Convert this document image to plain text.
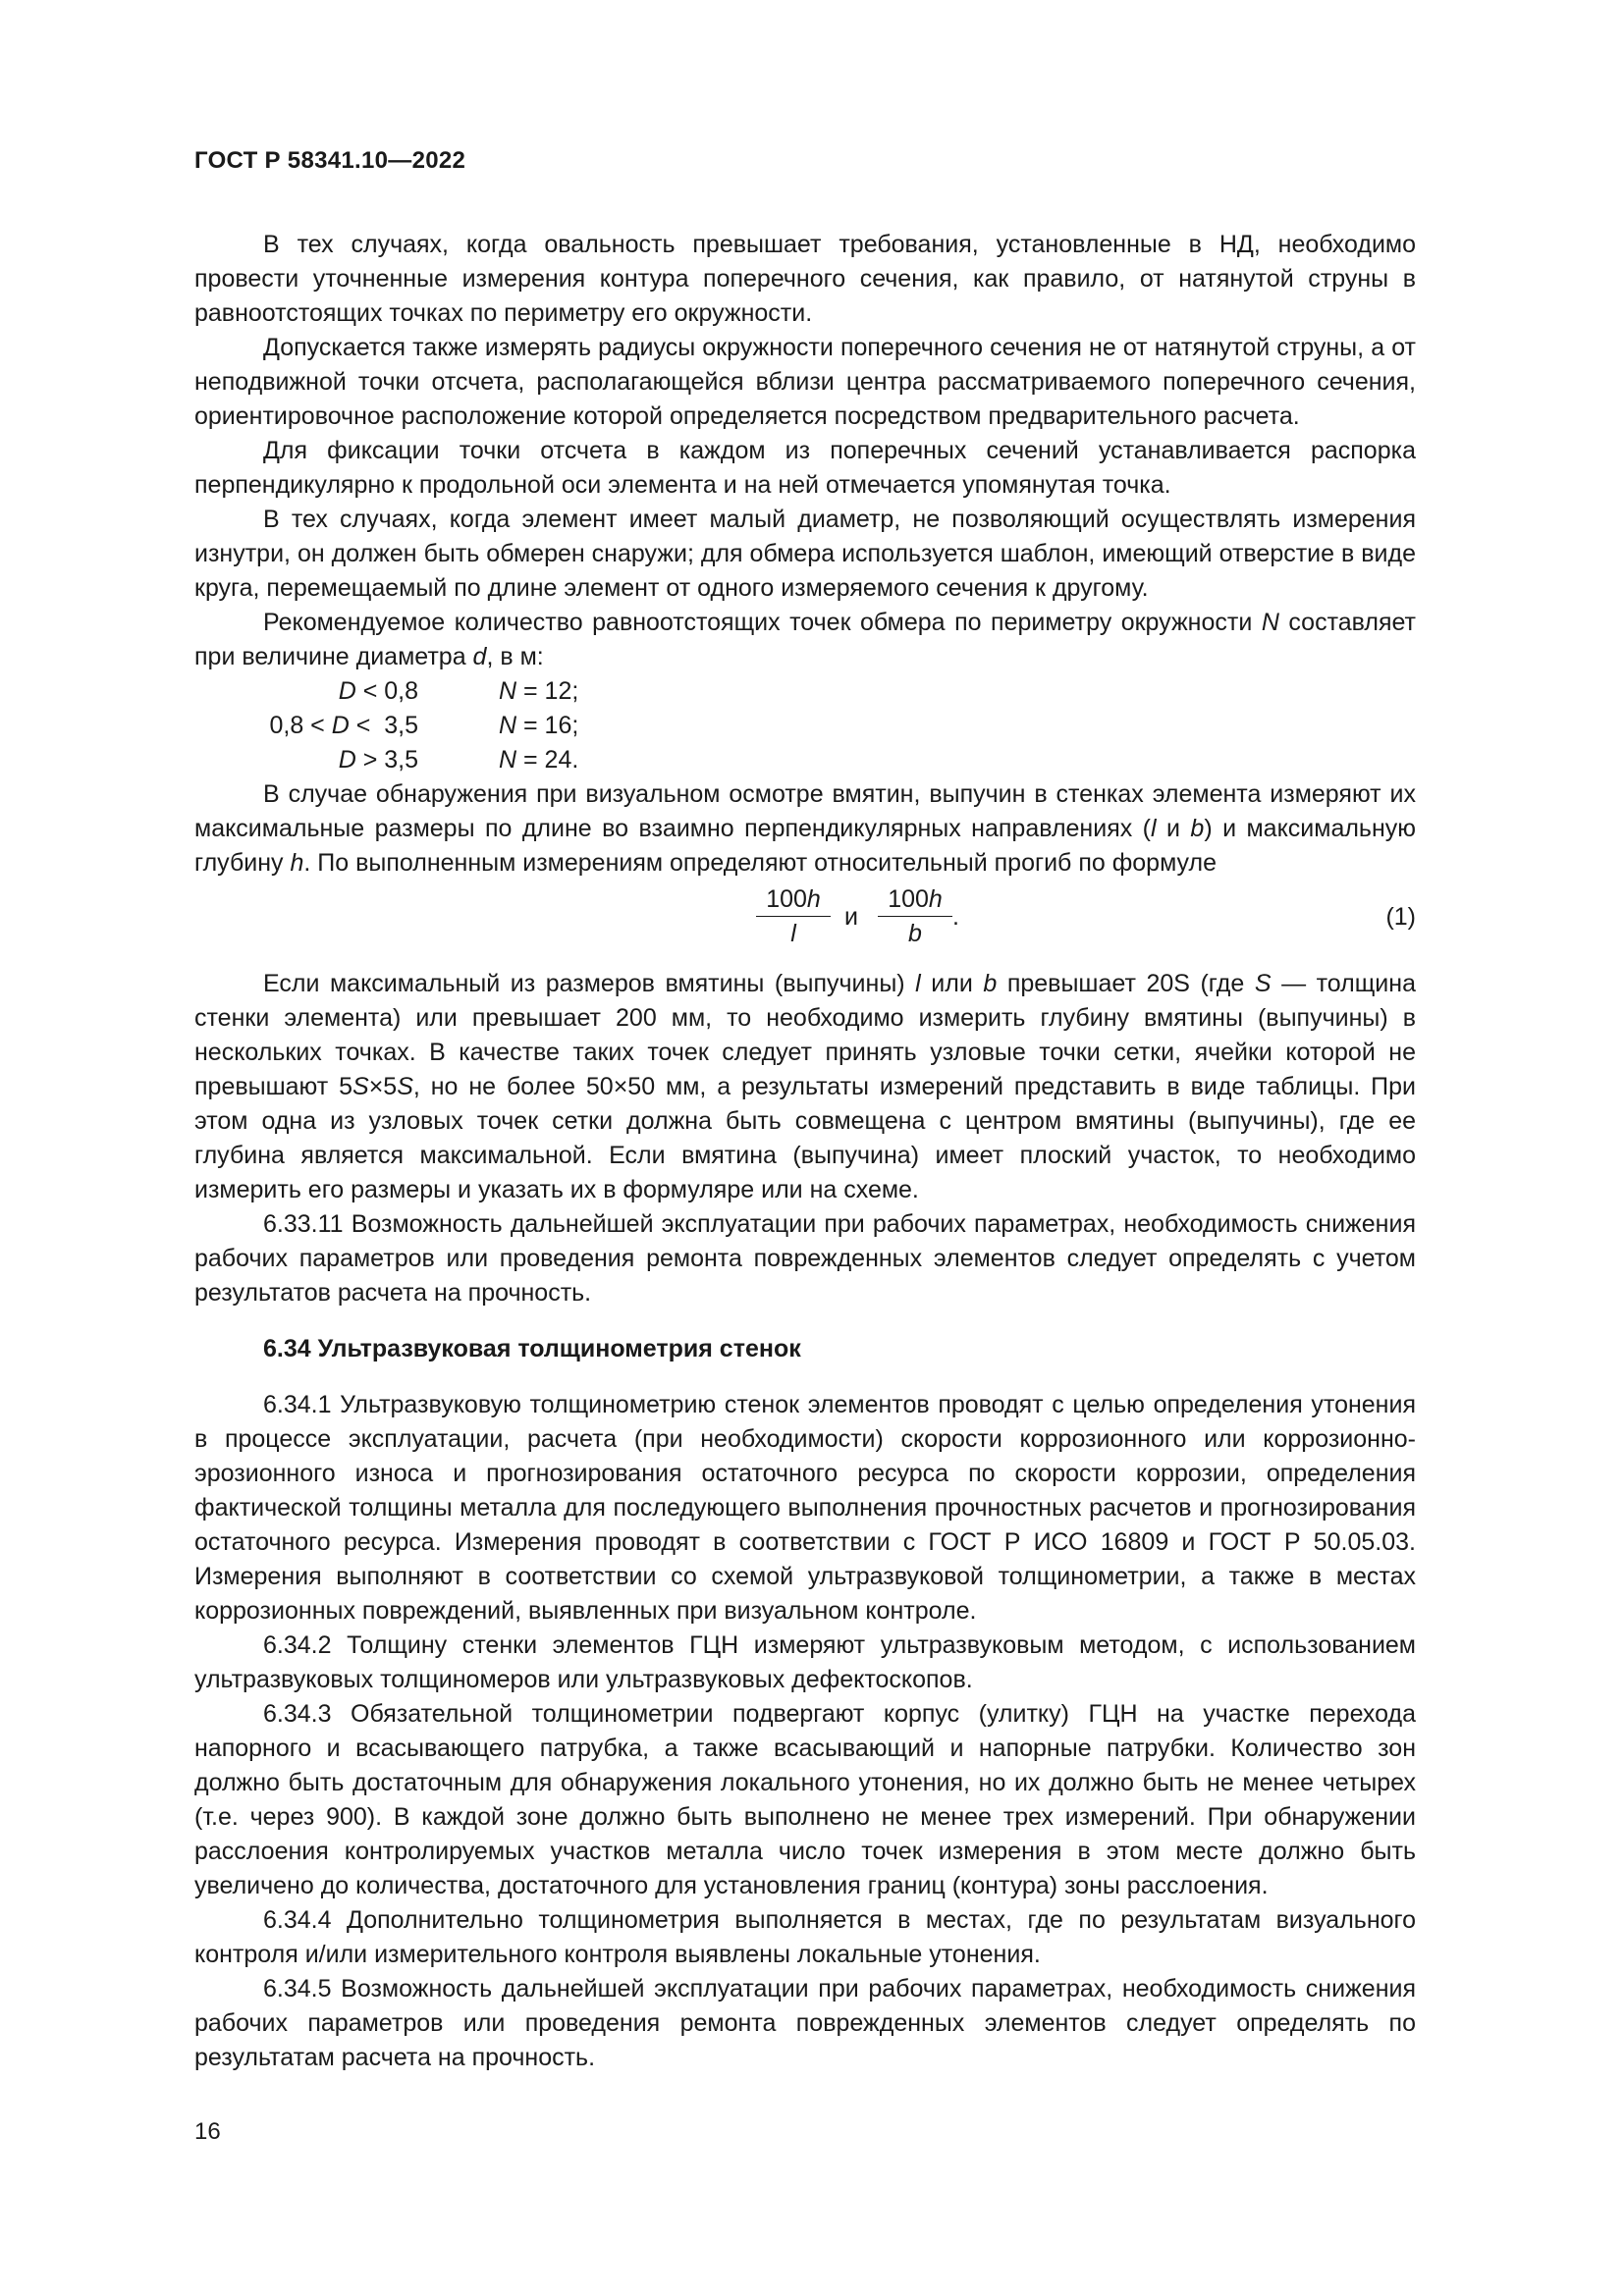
ГОСТ Р 58341.10—2022

В тех случаях, когда овальность превышает требования, установленные в НД, необходимо провести уточненные измерения контура поперечного сечения, как правило, от натянутой струны в равноотстоящих точках по периметру его окружности.

Допускается также измерять радиусы окружности поперечного сечения не от натянутой струны, а от неподвижной точки отсчета, располагающейся вблизи центра рассматриваемого поперечного сечения, ориентировочное расположение которой определяется посредством предварительного расчета.

Для фиксации точки отсчета в каждом из поперечных сечений устанавливается распорка перпендикулярно к продольной оси элемента и на ней отмечается упомянутая точка.

В тех случаях, когда элемент имеет малый диаметр, не позволяющий осуществлять измерения изнутри, он должен быть обмерен снаружи; для обмера используется шаблон, имеющий отверстие в виде круга, перемещаемый по длине элемент от одного измеряемого сечения к другому.

Рекомендуемое количество равноотстоящих точек обмера по периметру окружности N составляет при величине диаметра d, в м:

D < 0,8	N = 12;
0,8 < D <  3,5	N = 16;
D > 3,5	N = 24.

В случае обнаружения при визуальном осмотре вмятин, выпучин в стенках элемента измеряют их максимальные размеры по длине во взаимно перпендикулярных направлениях (l и b) и максимальную глубину h. По выполненным измерениям определяют относительный прогиб по формуле

$\frac{100h}{l}$ и $\frac{100h}{b}$ .	(1)

Если максимальный из размеров вмятины (выпучины) l или b превышает 20S (где S — толщина стенки элемента) или превышает 200 мм, то необходимо измерить глубину вмятины (выпучины) в нескольких точках. В качестве таких точек следует принять узловые точки сетки, ячейки которой не превышают 5S×5S, но не более 50×50 мм, а результаты измерений представить в виде таблицы. При этом одна из узловых точек сетки должна быть совмещена с центром вмятины (выпучины), где ее глубина является максимальной. Если вмятина (выпучина) имеет плоский участок, то необходимо измерить его размеры и указать их в формуляре или на схеме.

6.33.11 Возможность дальнейшей эксплуатации при рабочих параметрах, необходимость снижения рабочих параметров или проведения ремонта поврежденных элементов следует определять с учетом результатов расчета на прочность.

6.34 Ультразвуковая толщинометрия стенок

6.34.1 Ультразвуковую толщинометрию стенок элементов проводят с целью определения утонения в процессе эксплуатации, расчета (при необходимости) скорости коррозионного или коррозионно-эрозионного износа и прогнозирования остаточного ресурса по скорости коррозии, определения фактической толщины металла для последующего выполнения прочностных расчетов и прогнозирования остаточного ресурса. Измерения проводят в соответствии с ГОСТ Р ИСО 16809 и ГОСТ Р 50.05.03. Измерения выполняют в соответствии со схемой ультразвуковой толщинометрии, а также в местах коррозионных повреждений, выявленных при визуальном контроле.

6.34.2 Толщину стенки элементов ГЦН измеряют ультразвуковым методом, с использованием ультразвуковых толщиномеров или ультразвуковых дефектоскопов.

6.34.3 Обязательной толщинометрии подвергают корпус (улитку) ГЦН на участке перехода напорного и всасывающего патрубка, а также всасывающий и напорные патрубки. Количество зон должно быть достаточным для обнаружения локального утонения, но их должно быть не менее четырех (т.е. через 900). В каждой зоне должно быть выполнено не менее трех измерений. При обнаружении расслоения контролируемых участков металла число точек измерения в этом месте должно быть увеличено до количества, достаточного для установления границ (контура) зоны расслоения.

6.34.4 Дополнительно толщинометрия выполняется в местах, где по результатам визуального контроля и/или измерительного контроля выявлены локальные утонения.

6.34.5 Возможность дальнейшей эксплуатации при рабочих параметрах, необходимость снижения рабочих параметров или проведения ремонта поврежденных элементов следует определять по результатам расчета на прочность.

16
